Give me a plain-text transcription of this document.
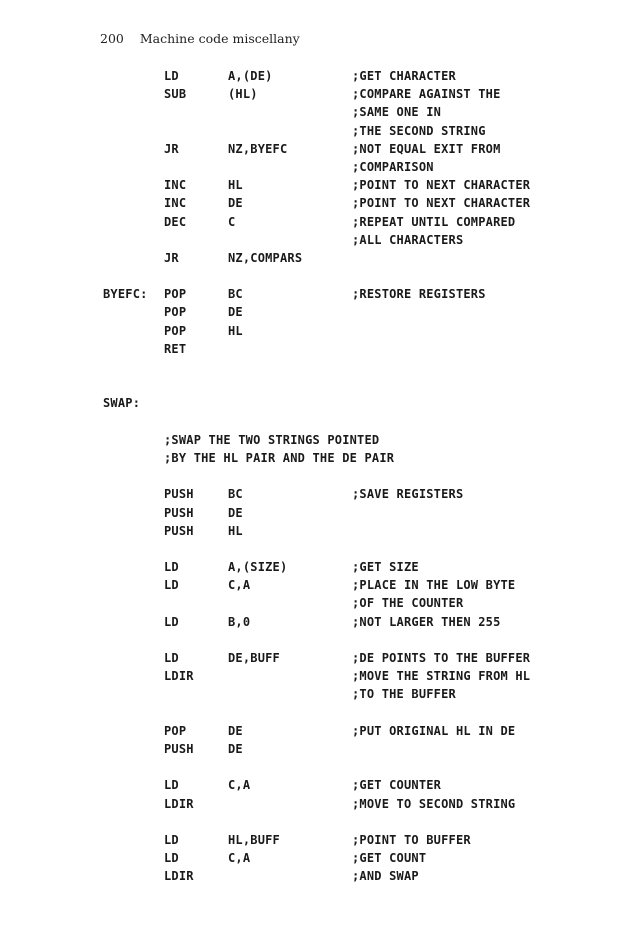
200 Machine code miscellany
LD	A,(DE)	;GET CHARACTER
SUB	(HL)	;COMPARE AGAINST THE
;SAME ONE IN
;THE SECOND STRING
JR	NZ,BYEFC	;NOT EQUAL EXIT FROM
;COMPARISON
INC	HL	;POINT TO NEXT CHARACTER
INC	DE	;POINT TO NEXT CHARACTER
DEC	C	;REPEAT UNTIL COMPARED
;ALL CHARACTERS
JR	NZ,COMPARS
BYEFC: POP	BC	;RESTORE REGISTERS
POP	DE
POP	HL
RET
SWAP:
;SWAP THE TWO STRINGS POINTED
;BY THE HL PAIR AND THE DE PAIR
PUSH	BC	;SAVE REGISTERS
PUSH	DE
PUSH	HL
LD	A,(SIZE)	;GET SIZE
LD	C,A	;PLACE IN THE LOW BYTE
;OF THE COUNTER
LD	B,0	;NOT LARGER THEN 255
LD	DE,BUFF	;DE POINTS TO THE BUFFER
LDIR	;MOVE THE STRING FROM HL
;TO THE BUFFER
POP	DE	;PUT ORIGINAL HL IN DE
PUSH	DE
LD	C,A	;GET COUNTER
LDIR	;MOVE TO SECOND STRING
LD	HL,BUFF	;POINT TO BUFFER
LD	C,A	;GET COUNT
LDIR	;AND SWAP
